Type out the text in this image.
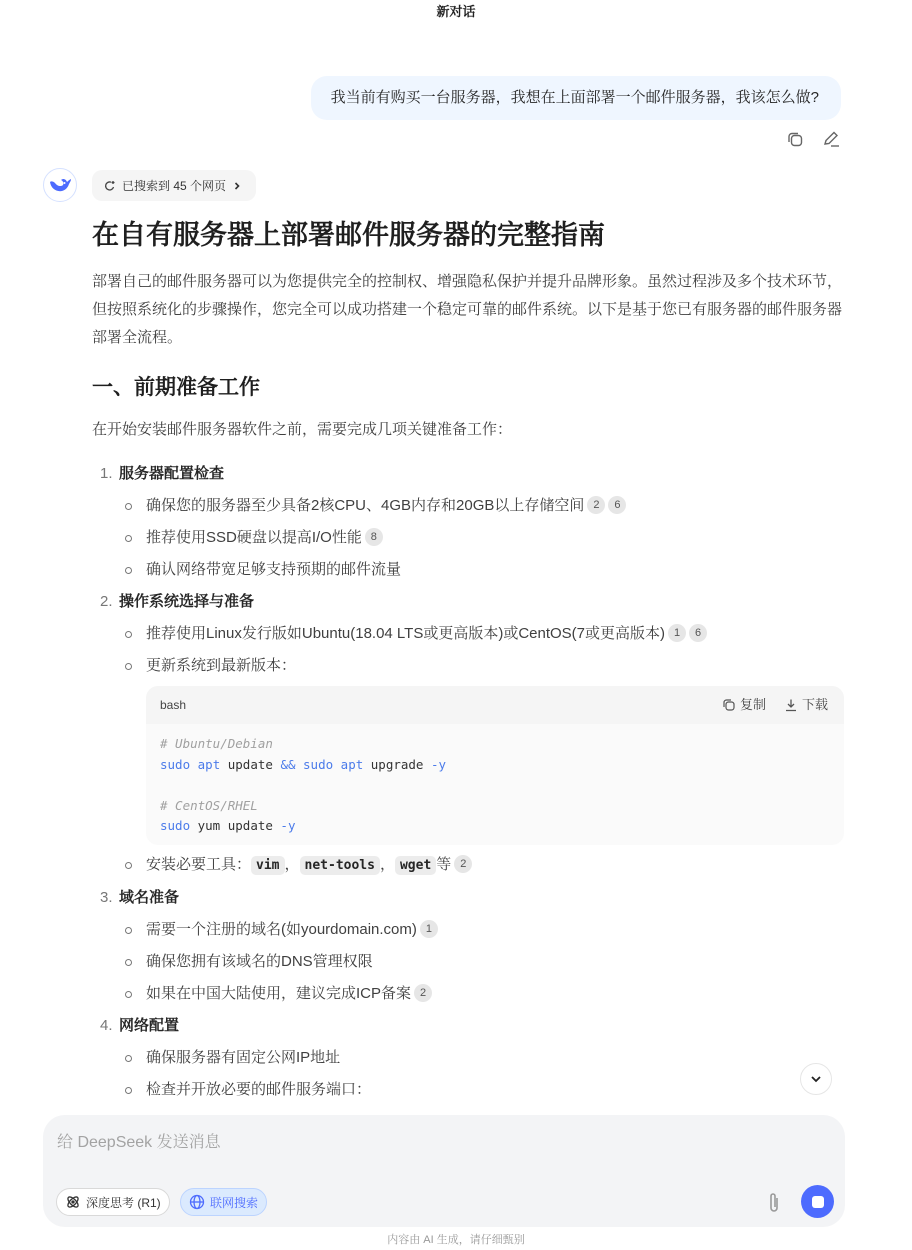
新对话
我当前有购买一台服务器，我想在上面部署一个邮件服务器，我该怎么做?
已搜索到 45 个网页
在自有服务器上部署邮件服务器的完整指南

部署自己的邮件服务器可以为您提供完全的控制权、增强隐私保护并提升品牌形象。虽然过程涉及多个技术环节，但按照系统化的步骤操作，您完全可以成功搭建一个稳定可靠的邮件系统。以下是基于您已有服务器的邮件服务器部署全流程。

一、前期准备工作

在开始安装邮件服务器软件之前，需要完成几项关键准备工作：

1. 服务器配置检查
确保您的服务器至少具备2核CPU、4GB内存和20GB以上存储空间 2 6
推荐使用SSD硬盘以提高I/O性能 8
确认网络带宽足够支持预期的邮件流量
2. 操作系统选择与准备
推荐使用Linux发行版如Ubuntu(18.04 LTS或更高版本)或CentOS(7或更高版本) 1 6
更新系统到最新版本：
bash	复制	下载
# Ubuntu/Debian
sudo apt update && sudo apt upgrade -y

# CentOS/RHEL
sudo yum update -y
安装必要工具： vim ， net-tools ， wget 等 2
3. 域名准备
需要一个注册的域名(如yourdomain.com) 1
确保您拥有该域名的DNS管理权限
如果在中国大陆使用，建议完成ICP备案 2
4. 网络配置
确保服务器有固定公网IP地址
检查并开放必要的邮件服务端口：
给 DeepSeek 发送消息
深度思考 (R1)	联网搜索
内容由 AI 生成，请仔细甄别
